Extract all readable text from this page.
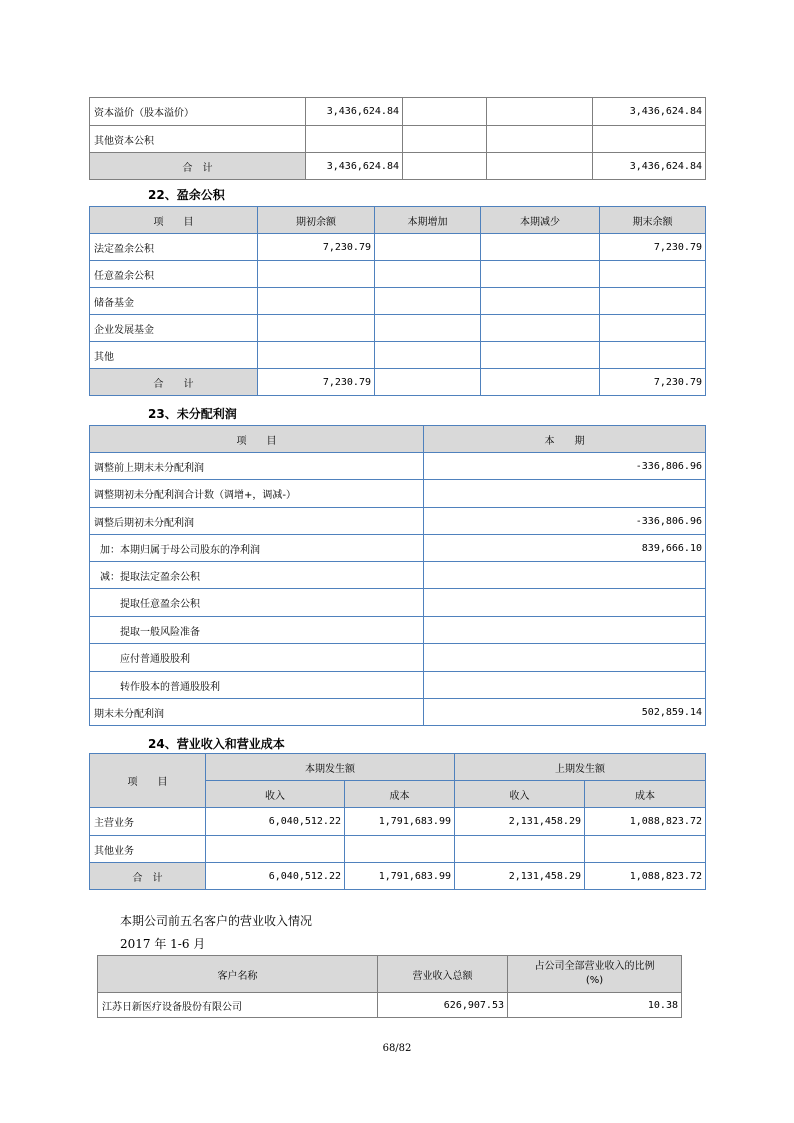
资本溢价（股本溢价）	3,436,624.84			3,436,624.84
其他资本公积				
合　计	3,436,624.84			3,436,624.84
22、盈余公积
项　　目	期初余额	本期增加	本期减少	期末余额
法定盈余公积	7,230.79			7,230.79
任意盈余公积				
储备基金				
企业发展基金				
其他				
合　　计	7,230.79			7,230.79
23、未分配利润
项　　目	本　　期
调整前上期末未分配利润	-336,806.96
调整期初未分配利润合计数（调增+，调减-）	
调整后期初未分配利润	-336,806.96
加：本期归属于母公司股东的净利润	839,666.10
减：提取法定盈余公积	
提取任意盈余公积	
提取一般风险准备	
应付普通股股利	
转作股本的普通股股利	
期末未分配利润	502,859.14
24、营业收入和营业成本
项　　目	本期发生额		上期发生额	
	收入	成本	收入	成本
主营业务	6,040,512.22	1,791,683.99	2,131,458.29	1,088,823.72
其他业务				
合　计	6,040,512.22	1,791,683.99	2,131,458.29	1,088,823.72
本期公司前五名客户的营业收入情况
2017 年 1-6 月
客户名称	营业收入总额	占公司全部营业收入的比例
(%)

江苏日新医疗设备股份有限公司	626,907.53	10.38
68/82
